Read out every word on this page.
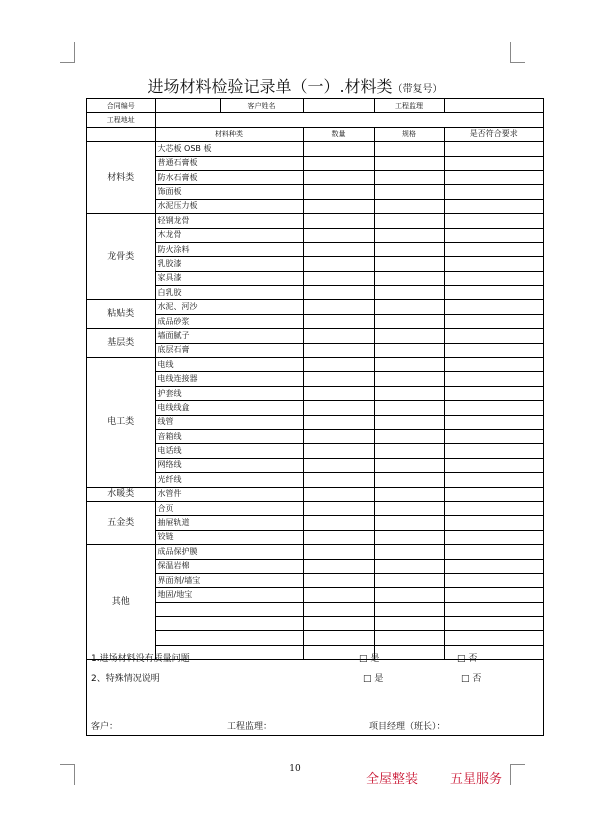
进场材料检验记录单（一）.材料类（带复号）
合同编号		客户姓名		工程监理	
工程地址					
	材料种类		数量	规格	是否符合要求
材料类	大芯板 OSB 板				
	普通石膏板				
	防水石膏板				
	饰面板				
	水泥压力板				
龙骨类	轻钢龙骨				
	木龙骨				
	防火涂料				
	乳胶漆				
	家具漆				
	白乳胶				
粘贴类	水泥、河沙				
	成品砂浆				
基层类	墙面腻子				
	底层石膏				
电工类	电线				
	电线连接器				
	护套线				
	电线线盒				
	线管				
	音箱线				
	电话线				
	网络线				
	光纤线				
水暖类	水管件				
五金类	合页				
	抽屉轨道				
	铰链				
其他	成品保护膜				
	保温岩棉				
	界面剂/墙宝				
	地固/地宝				

1.进场材料没有质量问题	□ 是	□ 否
2、特殊情况说明	□ 是	□ 否
客户：	工程监理：	项目经理（班长）：
10
全屋整装 五星服务
